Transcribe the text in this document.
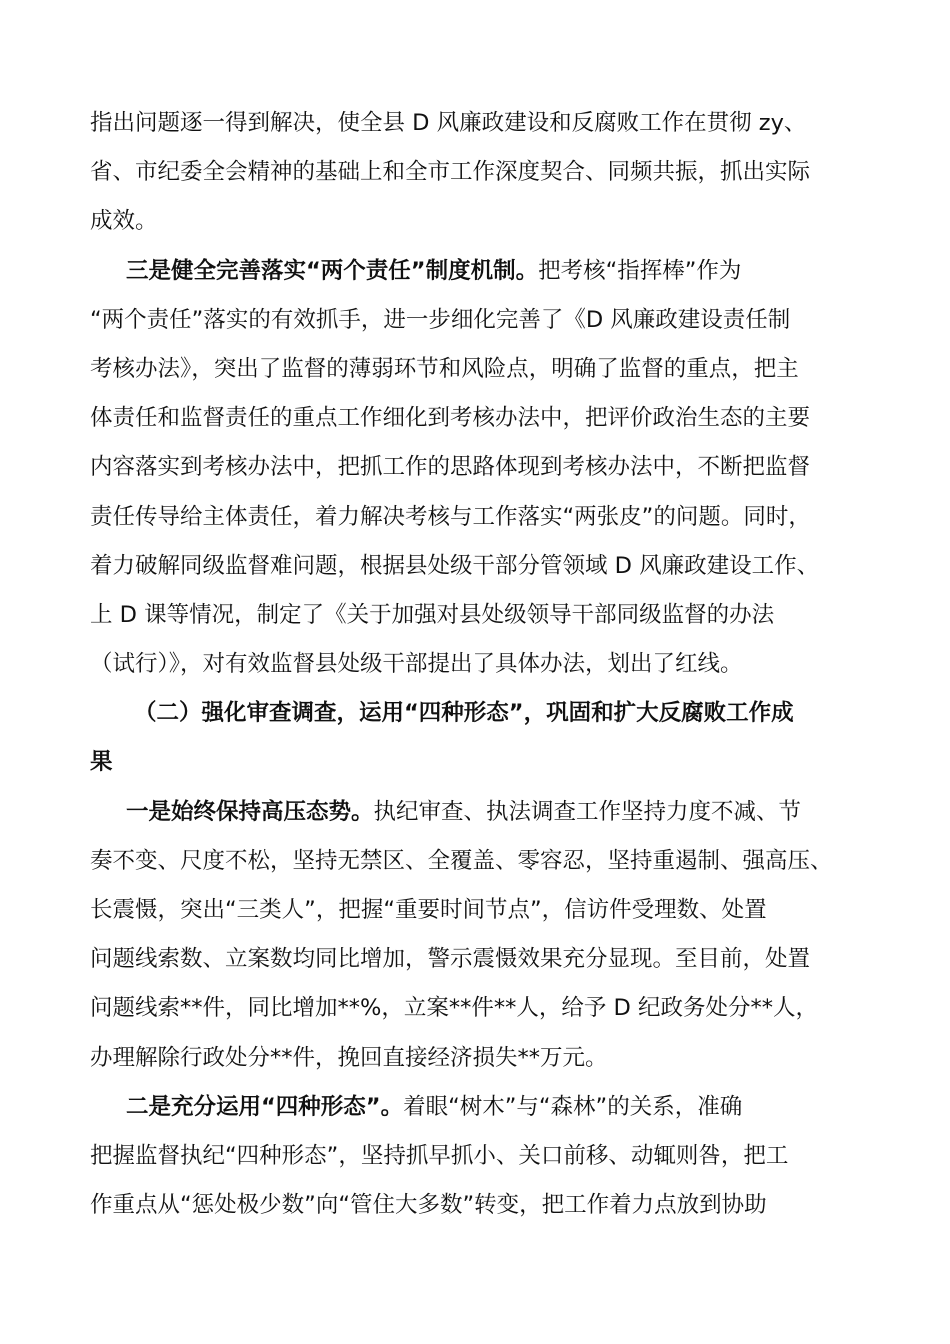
指出问题逐一得到解决，使全县 D 风廉政建设和反腐败工作在贯彻 zy、
省、市纪委全会精神的基础上和全市工作深度契合、同频共振，抓出实际
成效。
三是健全完善落实“两个责任”制度机制。把考核“指挥棒”作为
“两个责任”落实的有效抓手，进一步细化完善了《D 风廉政建设责任制
考核办法》，突出了监督的薄弱环节和风险点，明确了监督的重点，把主
体责任和监督责任的重点工作细化到考核办法中，把评价政治生态的主要
内容落实到考核办法中，把抓工作的思路体现到考核办法中，不断把监督
责任传导给主体责任，着力解决考核与工作落实“两张皮”的问题。同时，
着力破解同级监督难问题，根据县处级干部分管领域 D 风廉政建设工作、
上 D 课等情况，制定了《关于加强对县处级领导干部同级监督的办法
（试行）》，对有效监督县处级干部提出了具体办法，划出了红线。
（二）强化审查调查，运用“四种形态”，巩固和扩大反腐败工作成
果
一是始终保持高压态势。执纪审查、执法调查工作坚持力度不减、节
奏不变、尺度不松，坚持无禁区、全覆盖、零容忍，坚持重遏制、强高压、
长震慑，突出“三类人”，把握“重要时间节点”，信访件受理数、处置
问题线索数、立案数均同比增加，警示震慑效果充分显现。至目前，处置
问题线索**件，同比增加**%，立案**件**人，给予 D 纪政务处分**人，
办理解除行政处分**件，挽回直接经济损失**万元。
二是充分运用“四种形态”。着眼“树木”与“森林”的关系，准确
把握监督执纪“四种形态”，坚持抓早抓小、关口前移、动辄则咎，把工
作重点从“惩处极少数”向“管住大多数”转变，把工作着力点放到协助
